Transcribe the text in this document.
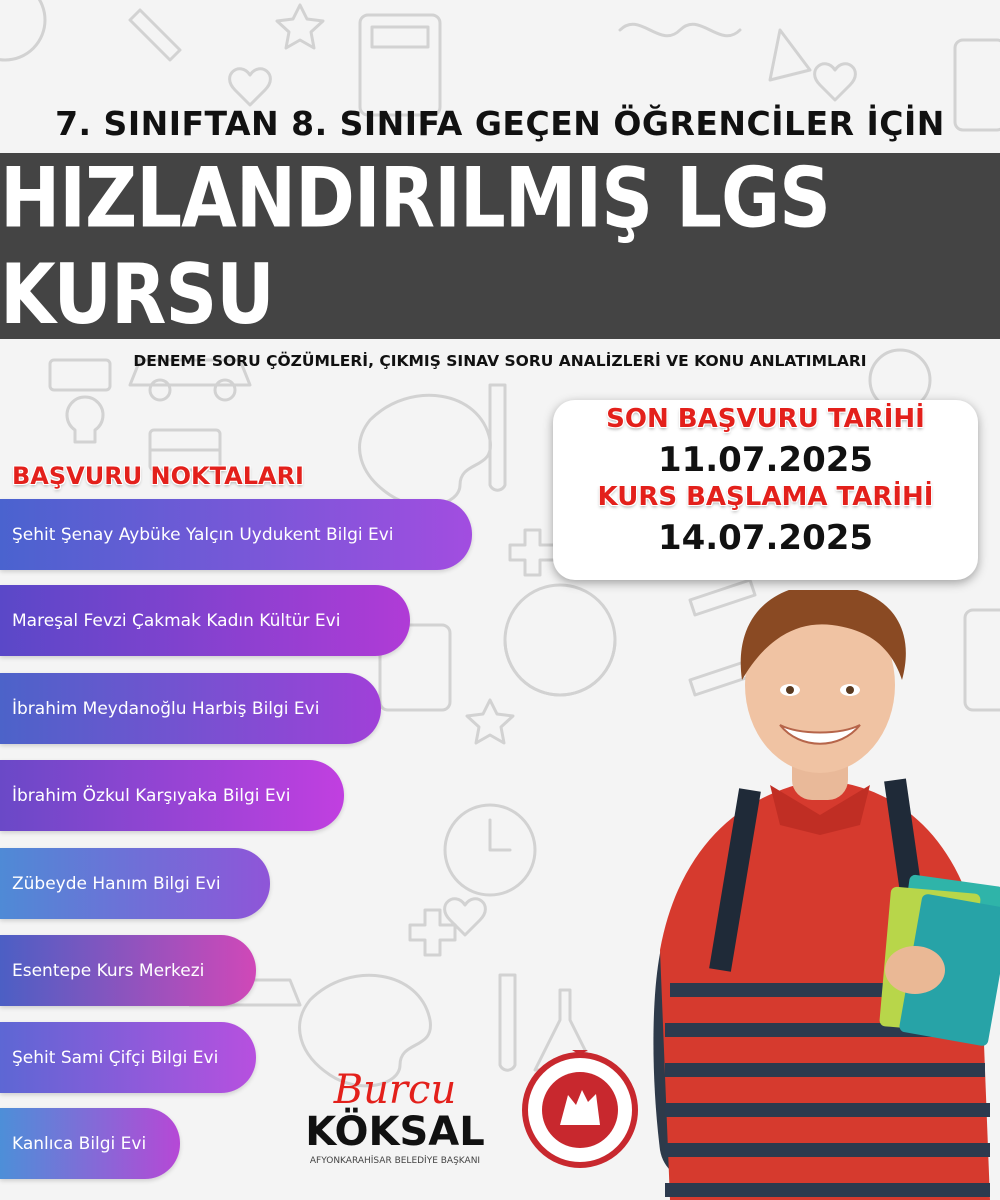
7. SINIFTAN 8. SINIFA GEÇEN ÖĞRENCİLER İÇİN
HIZLANDIRILMIŞ LGS KURSU
DENEME SORU ÇÖZÜMLERİ, ÇIKMIŞ SINAV SORU ANALİZLERİ VE KONU ANLATIMLARI
SON BAŞVURU TARİHİ
11.07.2025
KURS BAŞLAMA TARİHİ
14.07.2025
BAŞVURU NOKTALARI
Şehit Şenay Aybüke Yalçın Uydukent Bilgi Evi
Mareşal Fevzi Çakmak Kadın Kültür Evi
İbrahim Meydanoğlu Harbiş Bilgi Evi
İbrahim Özkul Karşıyaka Bilgi Evi
Zübeyde Hanım Bilgi Evi
Esentepe Kurs Merkezi
Şehit Sami Çifçi Bilgi Evi
Kanlıca Bilgi Evi
Burcu
KÖKSAL
AFYONKARAHİSAR BELEDİYE BAŞKANI
